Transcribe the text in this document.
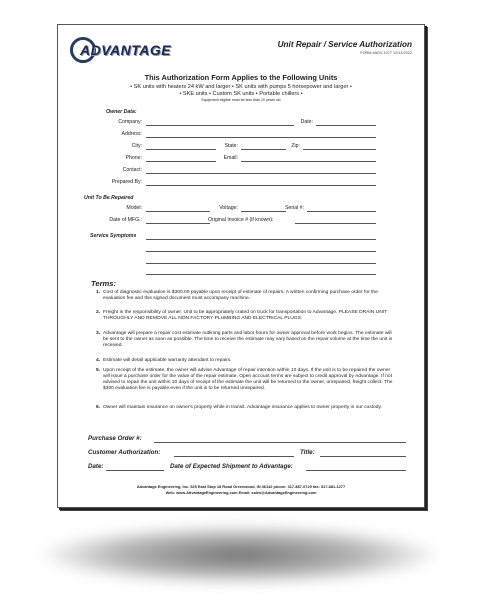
ADVANTAGE	Unit Repair / Service Authorization
FORM #ADV-1077 12/14/2022
This Authorization Form Applies to the Following Units
• SK units with heaters 24 kW and larger • SK units with pumps 5 horsepower and larger •
• SKE units • Custom SK units • Portable chillers •
Equipment eligible must be less than 10 years old
Owner Data:
Company:	Date:
Address:
City:	State:	Zip:
Phone:	Email:
Contact:
Prepared By:
Unit To Be Repaired
Model:	Voltage:	Serial #:
Date of MFG.:	Original Invoice # (if known):
Service Symptoms
Terms:
1. Cost of diagnostic evaluation is $300.00 payable upon receipt of estimate of repairs. A written confirming purchase order for the evaluation fee and this signed document must accompany machine.
2. Freight is the responsibility of owner. Unit to be appropriately crated on truck for transportation to Advantage. PLEASE DRAIN UNIT THROUGHLY AND REMOVE ALL NON FACTORY PLUMBING AND ELECTRICAL PLUGS.
3. Advantage will prepare a repair cost estimate outlining parts and labor hours for owner approval before work begins. The estimate will be sent to the owner as soon as possible. The time to receive the estimate may vary based on the repair volume at the time the unit is received.
4. Estimate will detail applicable warranty attendant to repairs.
5. Upon receipt of the estimate, the owner will advise Advantage of repair intention within 10 days. If the unit is to be repaired the owner will issue a purchase order for the value of the repair estimate. Open account terms are subject to credit approval by Advantage. If not advised to repair the unit within 10 days of receipt of the estimate the unit will be returned to the owner, unrepaired, freight collect. The $300 evaluation fee is payable even if the unit is to be returned unrepaired.
6. Owner will maintain insurance on owner's property while in transit. Advantage insurance applies to owner property in our custody.
Purchase Order #:
Customer Authorization:	Title:
Date:	Date of Expected Shipment to Advantage:
Advantage Engineering, Inc. 525 East Stop 18 Road Greenwood, IN 46142 phone: 317-887-0729 fax: 317-881-1277
Web: www.AdvantageEngineering.com Email: sales@AdvantageEngineering.com
